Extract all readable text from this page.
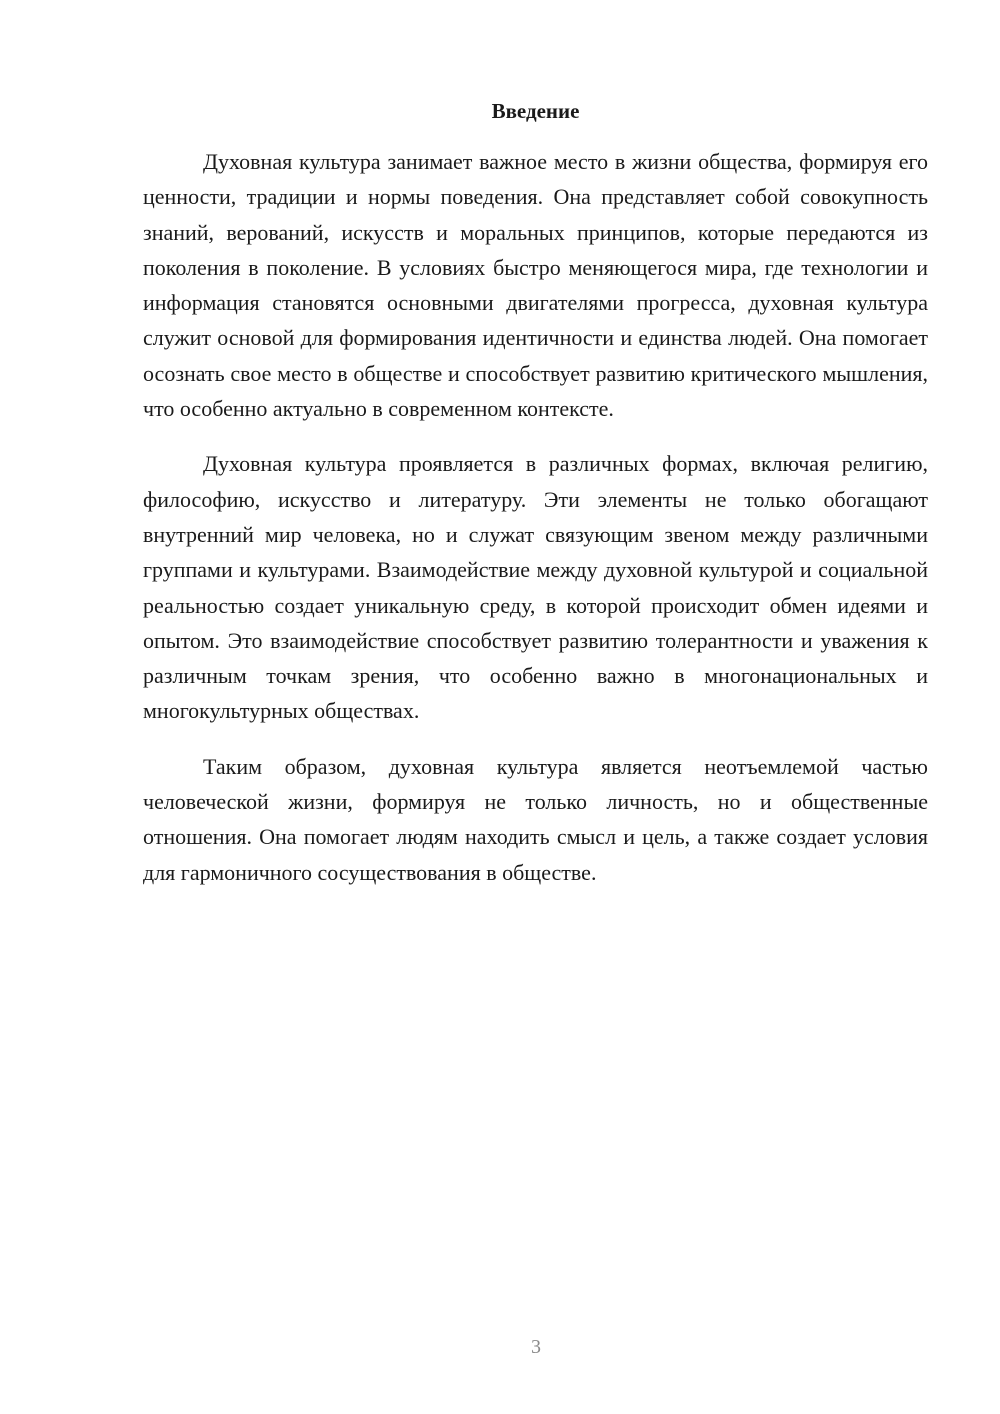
Введение

Духовная культура занимает важное место в жизни общества, формируя его ценности, традиции и нормы поведения. Она представляет собой совокупность знаний, верований, искусств и моральных принципов, которые передаются из поколения в поколение. В условиях быстро меняющегося мира, где технологии и информация становятся основными двигателями прогресса, духовная культура служит основой для формирования идентичности и единства людей. Она помогает осознать свое место в обществе и способствует развитию критического мышления, что особенно актуально в современном контексте.

Духовная культура проявляется в различных формах, включая религию, философию, искусство и литературу. Эти элементы не только обогащают внутренний мир человека, но и служат связующим звеном между различными группами и культурами. Взаимодействие между духовной культурой и социальной реальностью создает уникальную среду, в которой происходит обмен идеями и опытом. Это взаимодействие способствует развитию толерантности и уважения к различным точкам зрения, что особенно важно в многонациональных и многокультурных обществах.

Таким образом, духовная культура является неотъемлемой частью человеческой жизни, формируя не только личность, но и общественные отношения. Она помогает людям находить смысл и цель, а также создает условия для гармоничного сосуществования в обществе.

3
